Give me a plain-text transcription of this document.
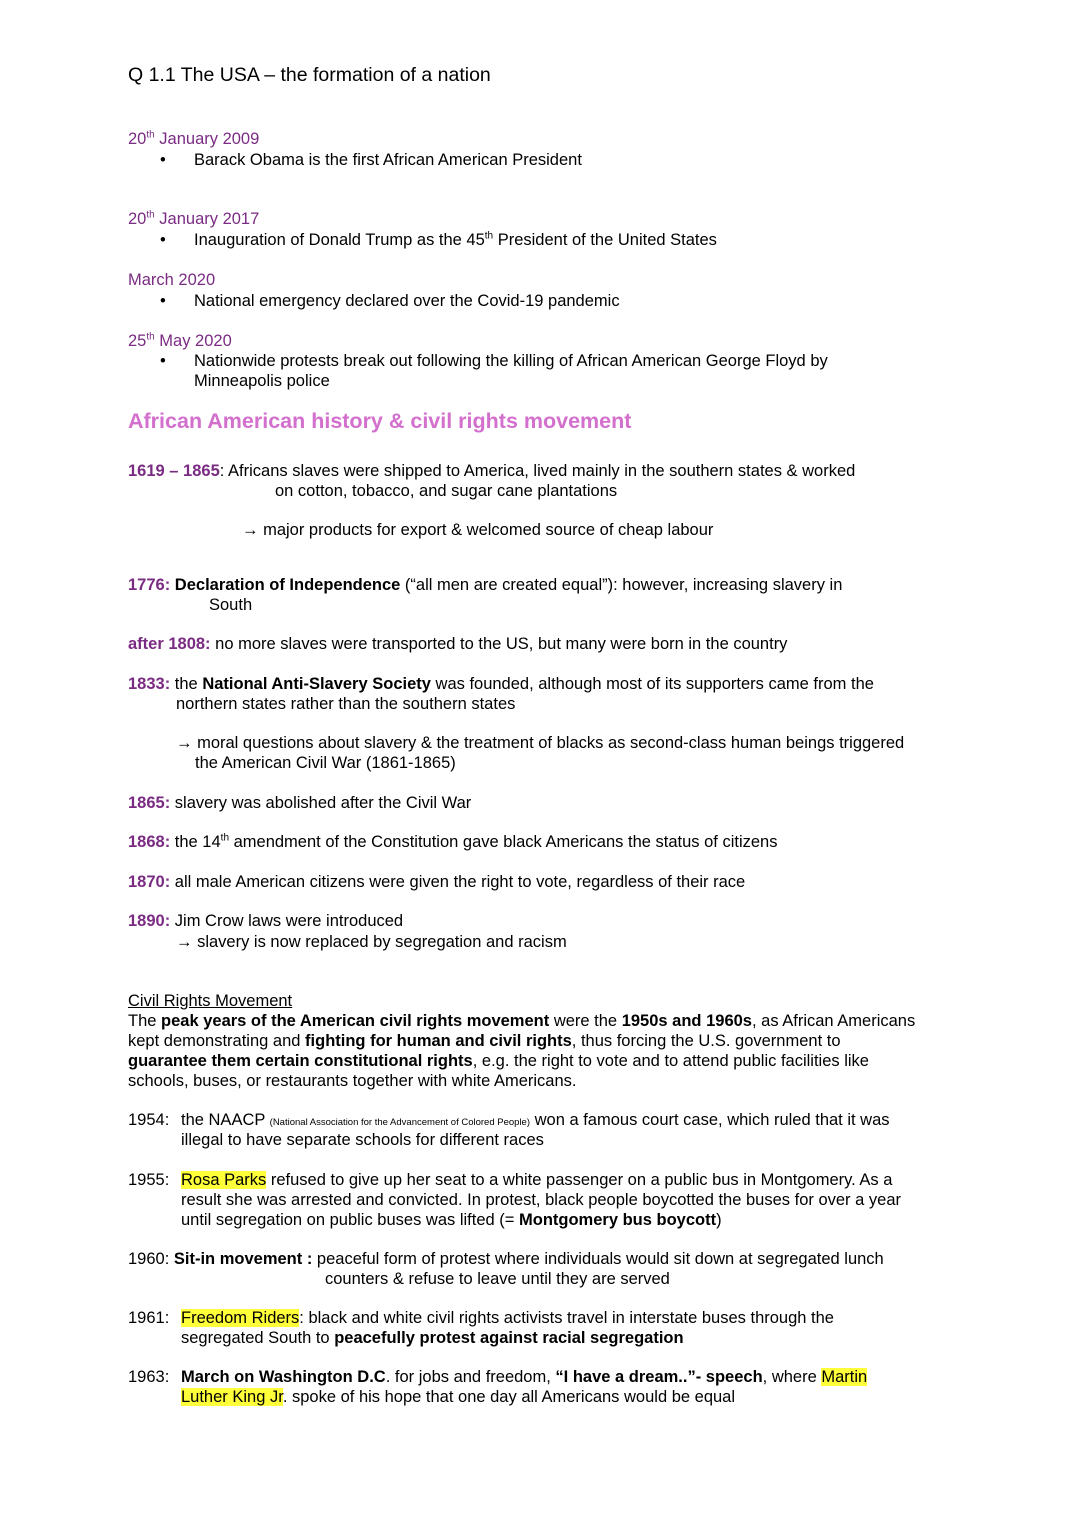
Q 1.1 The USA – the formation of a nation
20th January 2009
• Barack Obama is the first African American President
20th January 2017
• Inauguration of Donald Trump as the 45th President of the United States
March 2020
• National emergency declared over the Covid-19 pandemic
25th May 2020
• Nationwide protests break out following the killing of African American George Floyd by
Minneapolis police
African American history & civil rights movement
1619 – 1865: Africans slaves were shipped to America, lived mainly in the southern states & worked
on cotton, tobacco, and sugar cane plantations
→ major products for export & welcomed source of cheap labour
1776: Declaration of Independence (“all men are created equal”): however, increasing slavery in
South
after 1808: no more slaves were transported to the US, but many were born in the country
1833: the National Anti-Slavery Society was founded, although most of its supporters came from the
northern states rather than the southern states
→ moral questions about slavery & the treatment of blacks as second-class human beings triggered
the American Civil War (1861-1865)
1865: slavery was abolished after the Civil War
1868: the 14th amendment of the Constitution gave black Americans the status of citizens
1870: all male American citizens were given the right to vote, regardless of their race
1890: Jim Crow laws were introduced
→ slavery is now replaced by segregation and racism
Civil Rights Movement
The peak years of the American civil rights movement were the 1950s and 1960s, as African Americans
kept demonstrating and fighting for human and civil rights, thus forcing the U.S. government to
guarantee them certain constitutional rights, e.g. the right to vote and to attend public facilities like
schools, buses, or restaurants together with white Americans.
1954: the NAACP (National Association for the Advancement of Colored People) won a famous court case, which ruled that it was
illegal to have separate schools for different races
1955: Rosa Parks refused to give up her seat to a white passenger on a public bus in Montgomery. As a
result she was arrested and convicted. In protest, black people boycotted the buses for over a year
until segregation on public buses was lifted (= Montgomery bus boycott)
1960: Sit-in movement : peaceful form of protest where individuals would sit down at segregated lunch
counters & refuse to leave until they are served
1961: Freedom Riders: black and white civil rights activists travel in interstate buses through the
segregated South to peacefully protest against racial segregation
1963: March on Washington D.C. for jobs and freedom, “I have a dream..”- speech, where Martin
Luther King Jr. spoke of his hope that one day all Americans would be equal
